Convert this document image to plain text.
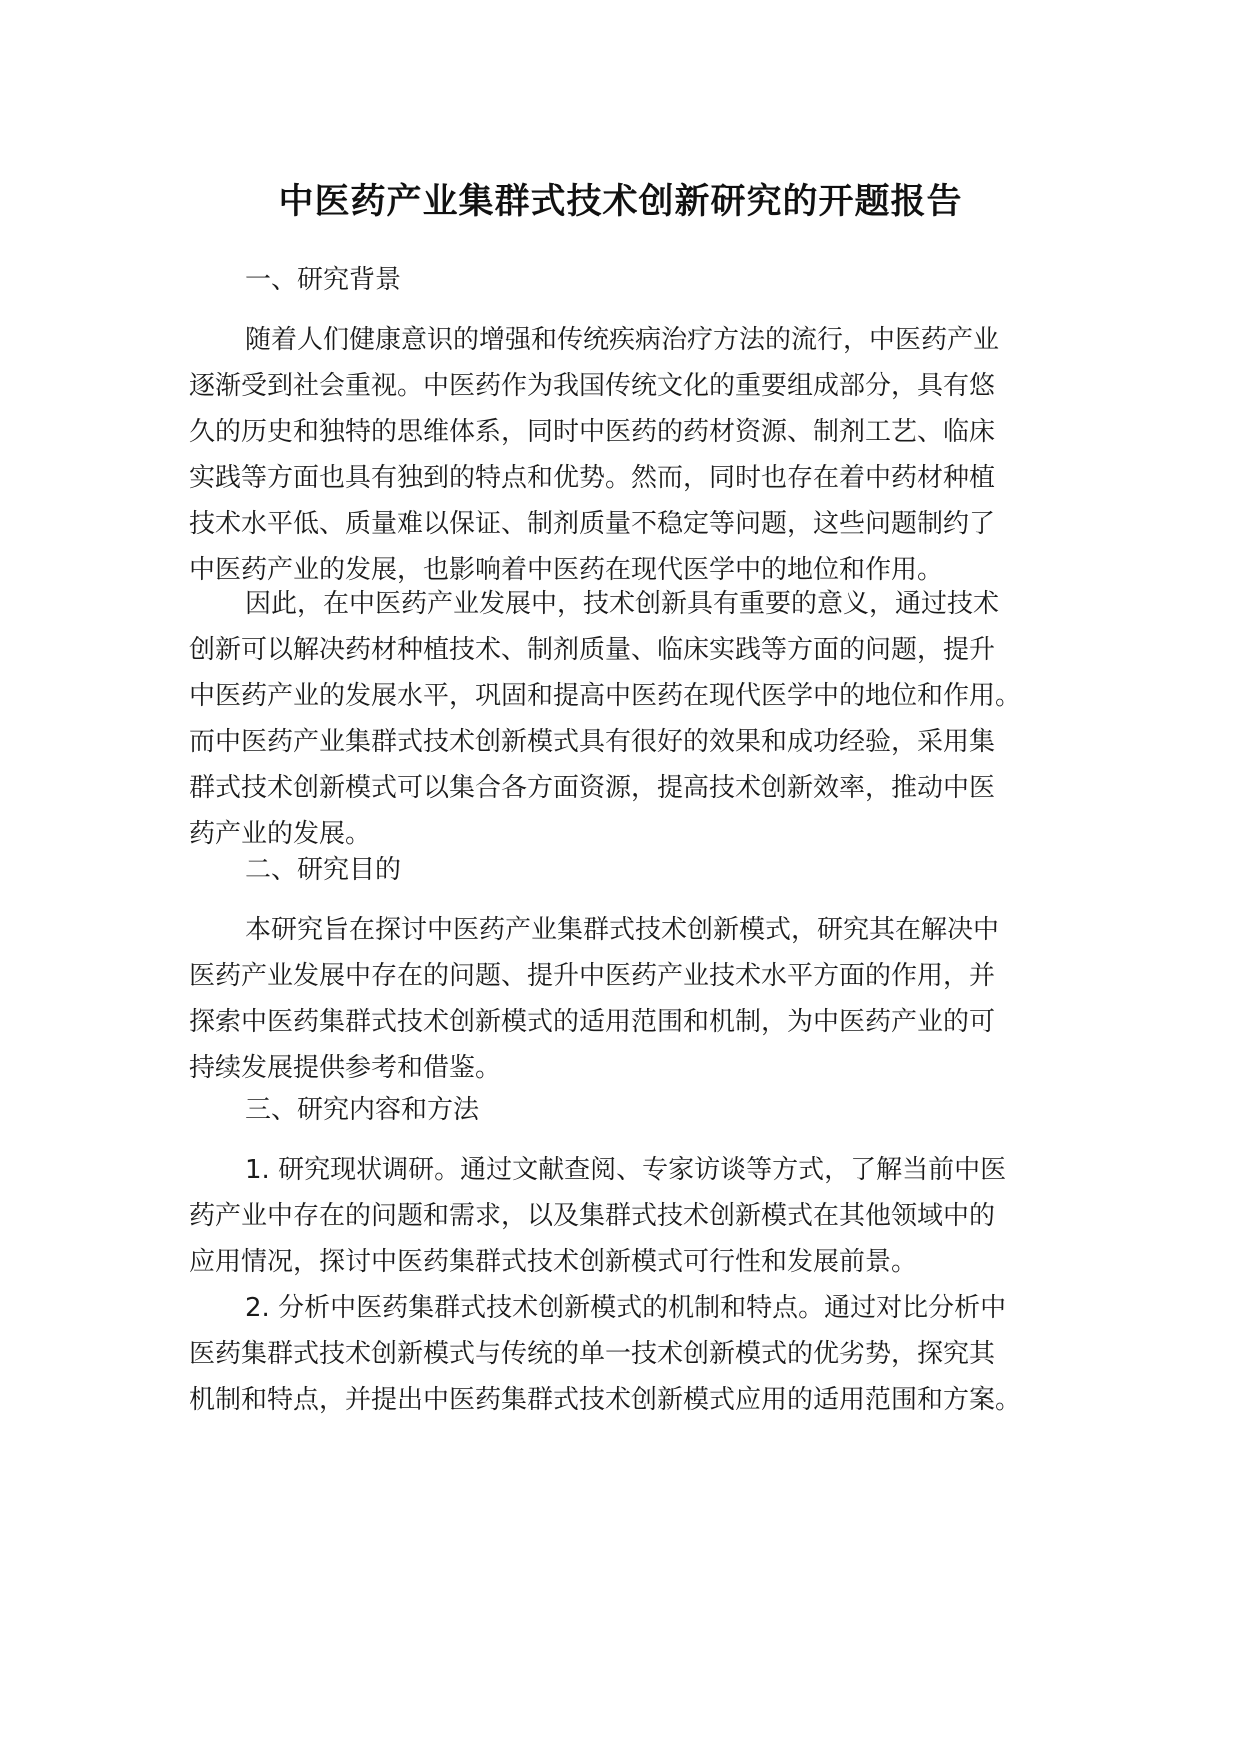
中医药产业集群式技术创新研究的开题报告
一、研究背景
随着人们健康意识的增强和传统疾病治疗方法的流行，中医药产业
逐渐受到社会重视。中医药作为我国传统文化的重要组成部分，具有悠
久的历史和独特的思维体系，同时中医药的药材资源、制剂工艺、临床
实践等方面也具有独到的特点和优势。然而，同时也存在着中药材种植
技术水平低、质量难以保证、制剂质量不稳定等问题，这些问题制约了
中医药产业的发展，也影响着中医药在现代医学中的地位和作用。
因此，在中医药产业发展中，技术创新具有重要的意义，通过技术
创新可以解决药材种植技术、制剂质量、临床实践等方面的问题，提升
中医药产业的发展水平，巩固和提高中医药在现代医学中的地位和作用。
而中医药产业集群式技术创新模式具有很好的效果和成功经验，采用集
群式技术创新模式可以集合各方面资源，提高技术创新效率，推动中医
药产业的发展。
二、研究目的
本研究旨在探讨中医药产业集群式技术创新模式，研究其在解决中
医药产业发展中存在的问题、提升中医药产业技术水平方面的作用，并
探索中医药集群式技术创新模式的适用范围和机制，为中医药产业的可
持续发展提供参考和借鉴。
三、研究内容和方法
1. 研究现状调研。通过文献查阅、专家访谈等方式，了解当前中医
药产业中存在的问题和需求，以及集群式技术创新模式在其他领域中的
应用情况，探讨中医药集群式技术创新模式可行性和发展前景。
2. 分析中医药集群式技术创新模式的机制和特点。通过对比分析中
医药集群式技术创新模式与传统的单一技术创新模式的优劣势，探究其
机制和特点，并提出中医药集群式技术创新模式应用的适用范围和方案。
